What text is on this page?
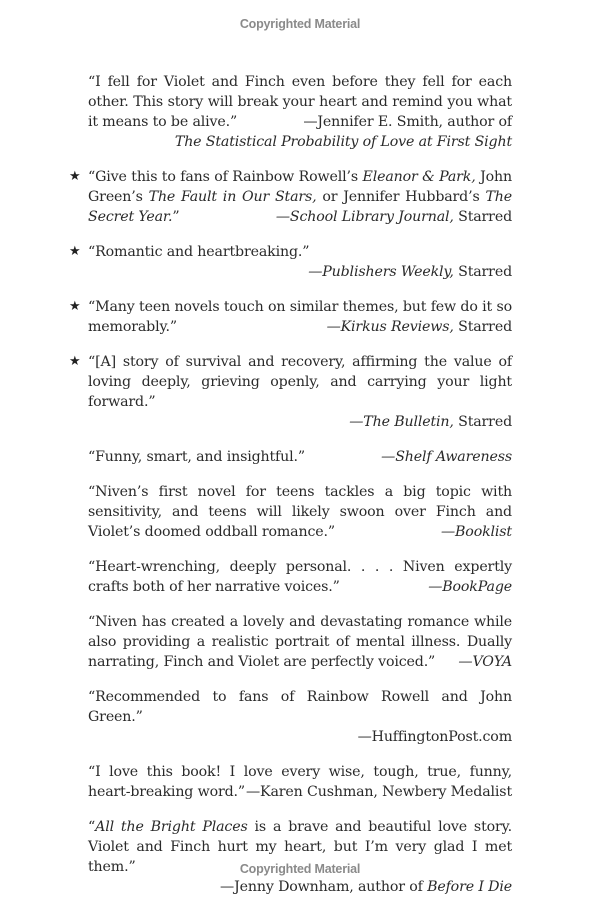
Copyrighted Material
“I fell for Violet and Finch even before they fell for each other. This story will break your heart and remind you what it means to be alive.”	—Jennifer E. Smith, author of
The Statistical Probability of Love at First Sight
★ “Give this to fans of Rainbow Rowell’s Eleanor & Park, John Green’s The Fault in Our Stars, or Jennifer Hubbard’s The Secret Year.”	—School Library Journal, Starred
★ “Romantic and heartbreaking.”
—Publishers Weekly, Starred
★ “Many teen novels touch on similar themes, but few do it so memorably.”	—Kirkus Reviews, Starred
★ “[A] story of survival and recovery, affirming the value of loving deeply, grieving openly, and carrying your light forward.”
—The Bulletin, Starred
“Funny, smart, and insightful.”	—Shelf Awareness
“Niven’s first novel for teens tackles a big topic with sensitivity, and teens will likely swoon over Finch and Violet’s doomed oddball romance.”	—Booklist
“Heart-wrenching, deeply personal. . . . Niven expertly crafts both of her narrative voices.”	—BookPage
“Niven has created a lovely and devastating romance while also providing a realistic portrait of mental illness. Dually narrating, Finch and Violet are perfectly voiced.” —VOYA
“Recommended to fans of Rainbow Rowell and John Green.”
—HuffingtonPost.com
“I love this book! I love every wise, tough, true, funny, heart-breaking word.” —Karen Cushman, Newbery Medalist
“All the Bright Places is a brave and beautiful love story. Violet and Finch hurt my heart, but I’m very glad I met them.”
—Jenny Downham, author of Before I Die
Copyrighted Material
